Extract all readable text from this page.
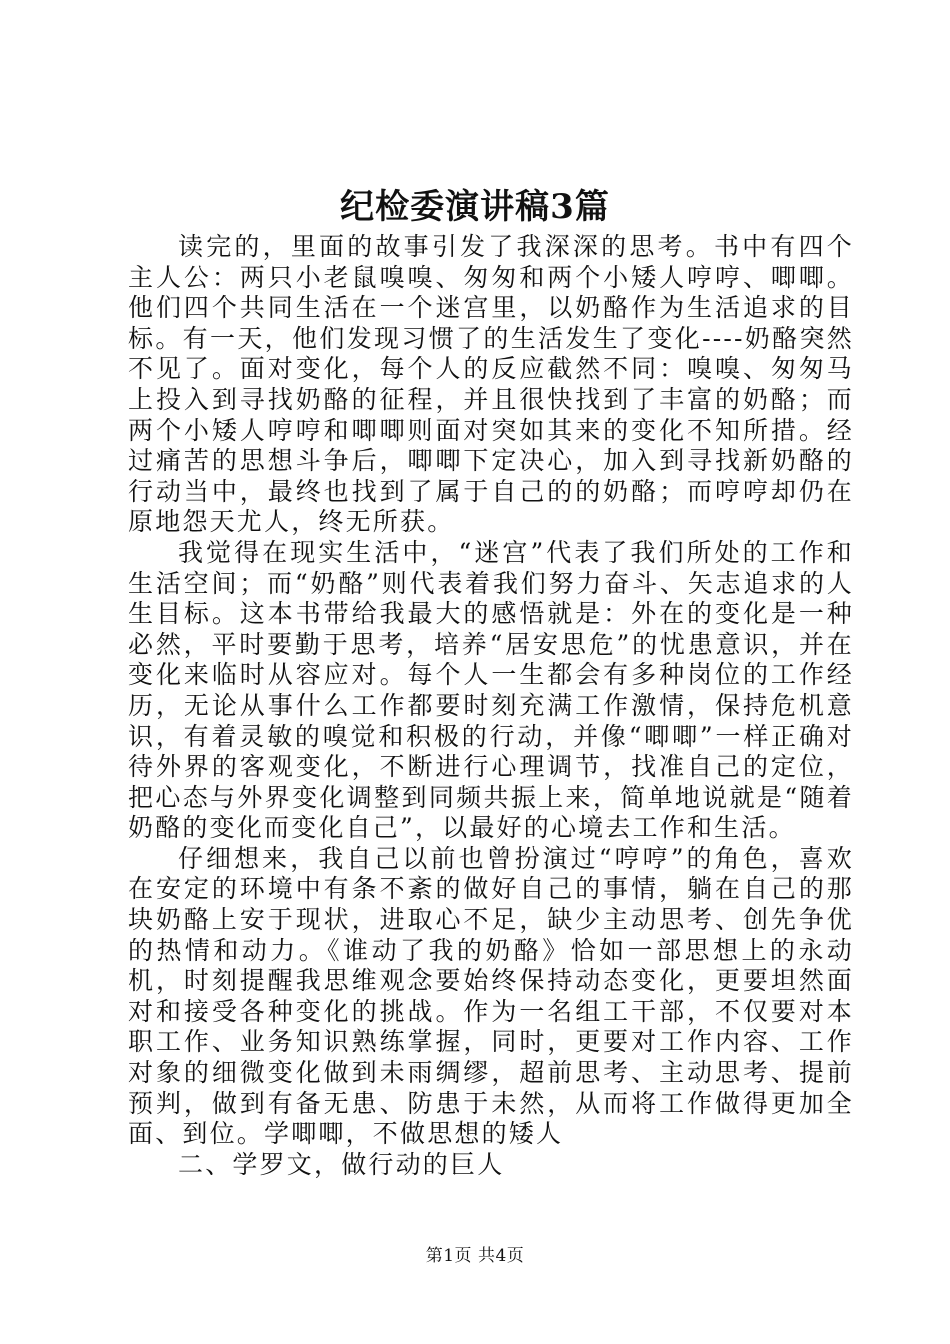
纪检委演讲稿3篇

读完的，里面的故事引发了我深深的思考。书中有四个主人公：两只小老鼠嗅嗅、匆匆和两个小矮人哼哼、唧唧。他们四个共同生活在一个迷宫里，以奶酪作为生活追求的目标。有一天，他们发现习惯了的生活发生了变化----奶酪突然不见了。面对变化，每个人的反应截然不同：嗅嗅、匆匆马上投入到寻找奶酪的征程，并且很快找到了丰富的奶酪；而两个小矮人哼哼和唧唧则面对突如其来的变化不知所措。经过痛苦的思想斗争后，唧唧下定决心，加入到寻找新奶酪的行动当中，最终也找到了属于自己的的奶酪；而哼哼却仍在原地怨天尤人，终无所获。

我觉得在现实生活中，“迷宫”代表了我们所处的工作和生活空间；而“奶酪”则代表着我们努力奋斗、矢志追求的人生目标。这本书带给我最大的感悟就是：外在的变化是一种必然，平时要勤于思考，培养“居安思危”的忧患意识，并在变化来临时从容应对。每个人一生都会有多种岗位的工作经历，无论从事什么工作都要时刻充满工作激情，保持危机意识，有着灵敏的嗅觉和积极的行动，并像“唧唧”一样正确对待外界的客观变化，不断进行心理调节，找准自己的定位，把心态与外界变化调整到同频共振上来，简单地说就是“随着奶酪的变化而变化自己”，以最好的心境去工作和生活。

仔细想来，我自己以前也曾扮演过“哼哼”的角色，喜欢在安定的环境中有条不紊的做好自己的事情，躺在自己的那块奶酪上安于现状，进取心不足，缺少主动思考、创先争优的热情和动力。《谁动了我的奶酪》恰如一部思想上的永动机，时刻提醒我思维观念要始终保持动态变化，更要坦然面对和接受各种变化的挑战。作为一名组工干部，不仅要对本职工作、业务知识熟练掌握，同时，更要对工作内容、工作对象的细微变化做到未雨绸缪，超前思考、主动思考、提前预判，做到有备无患、防患于未然，从而将工作做得更加全面、到位。学唧唧，不做思想的矮人

二、学罗文，做行动的巨人

第1页 共4页
